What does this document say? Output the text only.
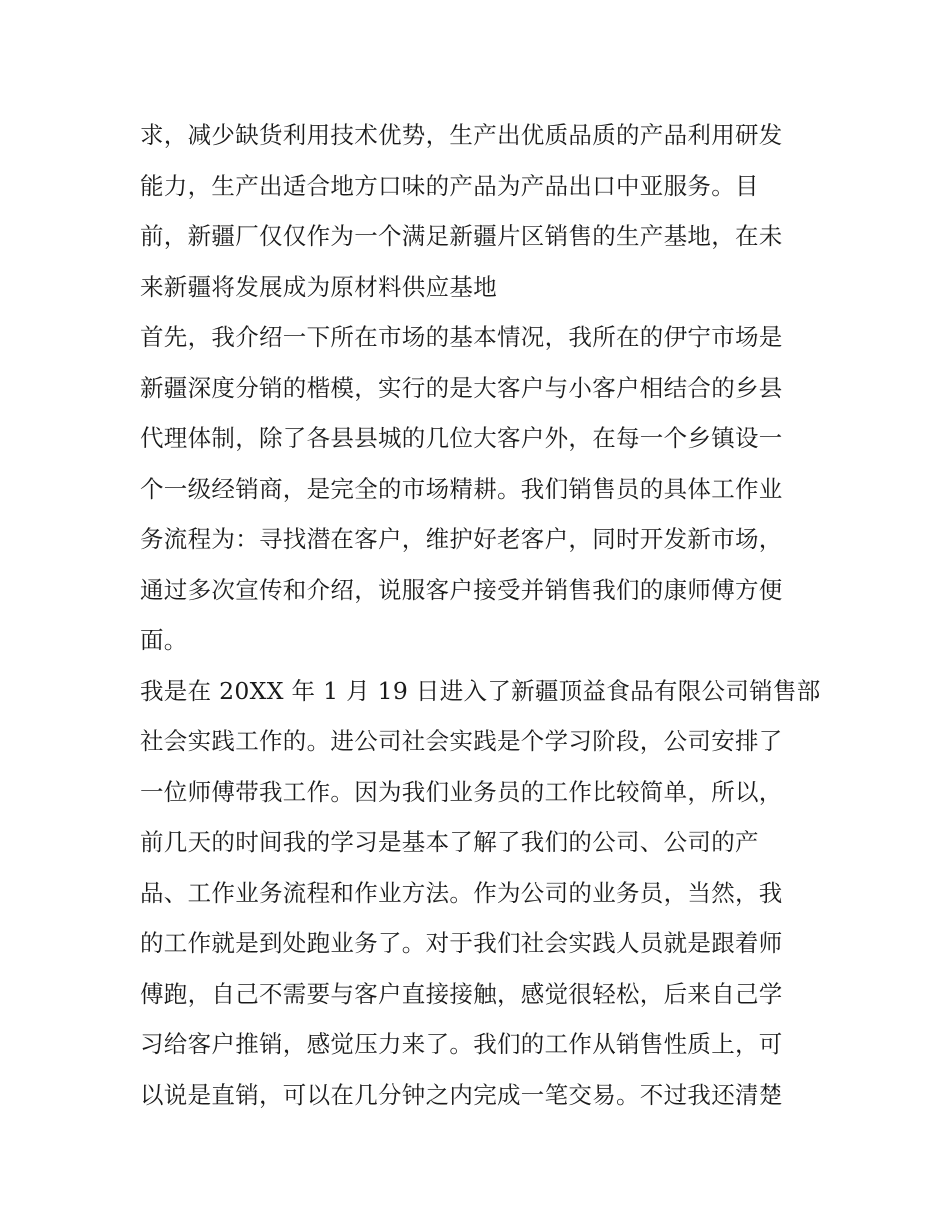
求，减少缺货利用技术优势，生产出优质品质的产品利用研发
能力，生产出适合地方口味的产品为产品出口中亚服务。目
前，新疆厂仅仅作为一个满足新疆片区销售的生产基地，在未
来新疆将发展成为原材料供应基地
首先，我介绍一下所在市场的基本情况，我所在的伊宁市场是
新疆深度分销的楷模，实行的是大客户与小客户相结合的乡县
代理体制，除了各县县城的几位大客户外，在每一个乡镇设一
个一级经销商，是完全的市场精耕。我们销售员的具体工作业
务流程为：寻找潜在客户，维护好老客户，同时开发新市场，
通过多次宣传和介绍，说服客户接受并销售我们的康师傅方便
面。
我是在 20XX 年 1 月 19 日进入了新疆顶益食品有限公司销售部
社会实践工作的。进公司社会实践是个学习阶段，公司安排了
一位师傅带我工作。因为我们业务员的工作比较简单，所以，
前几天的时间我的学习是基本了解了我们的公司、公司的产
品、工作业务流程和作业方法。作为公司的业务员，当然，我
的工作就是到处跑业务了。对于我们社会实践人员就是跟着师
傅跑，自己不需要与客户直接接触，感觉很轻松，后来自己学
习给客户推销，感觉压力来了。我们的工作从销售性质上，可
以说是直销，可以在几分钟之内完成一笔交易。不过我还清楚
